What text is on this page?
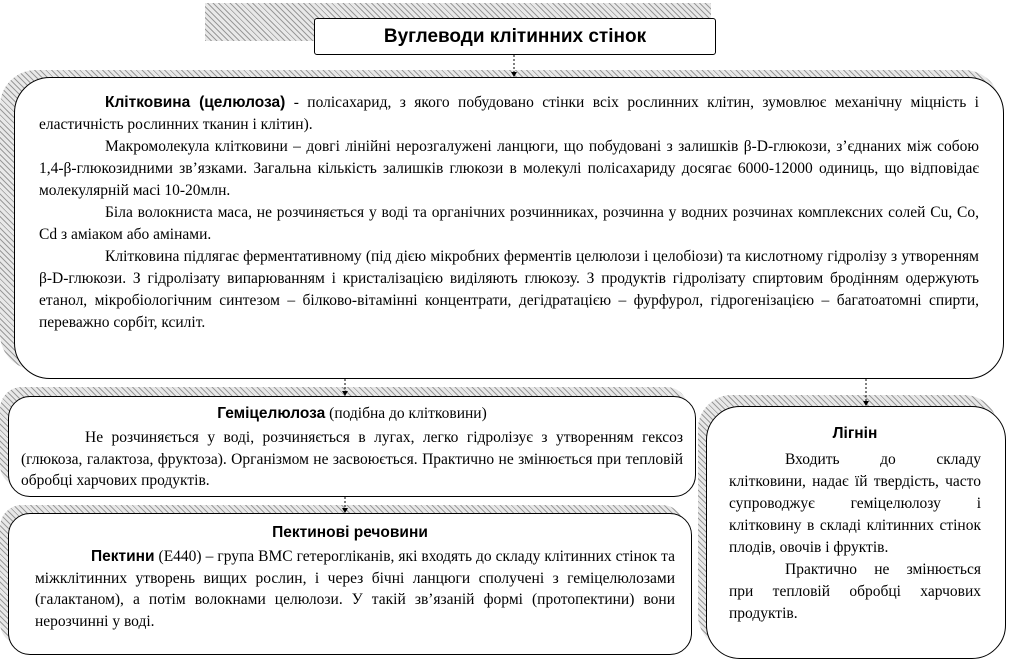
Вуглеводи клітинних стінок

Клітковина (целюлоза) - полісахарид, з якого побудовано стінки всіх рослинних клітин, зумовлює механічну міцність і еластичність рослинних тканин і клітин).

Макромолекула клітковини – довгі лінійні нерозгалужені ланцюги, що побудовані з залишків β-D-глюкози, з’єднаних між собою 1,4-β-глюкозидними зв’язками. Загальна кількість залишків глюкози в молекулі полісахариду досягає 6000-12000 одиниць, що відповідає молекулярній масі 10-20млн.

Біла волокниста маса, не розчиняється у воді та органічних розчинниках, розчинна у водних розчинах комплексних солей Cu, Co, Cd з аміаком або амінами.

Клітковина підлягає ферментативному (під дією мікробних ферментів целюлози і целобіози) та кислотному гідролізу з утворенням β-D-глюкози. З гідролізату випарюванням і кристалізацією виділяють глюкозу. З продуктів гідролізату спиртовим бродінням одержують етанол, мікробіологічним синтезом – білково-вітамінні концентрати, дегідратацією – фурфурол, гідрогенізацією – багатоатомні спирти, переважно сорбіт, ксиліт.

Геміцелюлоза (подібна до клітковини)

Не розчиняється у воді, розчиняється в лугах, легко гідролізує з утворенням гексоз (глюкоза, галактоза, фруктоза). Організмом не засвоюється. Практично не змінюється при тепловій обробці харчових продуктів.

Пектинові речовини

Пектини (Е440) – група ВМС гетерогліканів, які входять до складу клітинних стінок та міжклітинних утворень вищих рослин, і через бічні ланцюги сполучені з геміцелюлозами (галактаном), а потім волокнами целюлози. У такій зв’язаній формі (протопектини) вони нерозчинні у воді.

Лігнін

Входить до складу клітковини, надає їй твердість, часто супроводжує геміцелюлозу і клітковину в складі клітинних стінок плодів, овочів і фруктів.

Практично не змінюється при тепловій обробці харчових продуктів.
